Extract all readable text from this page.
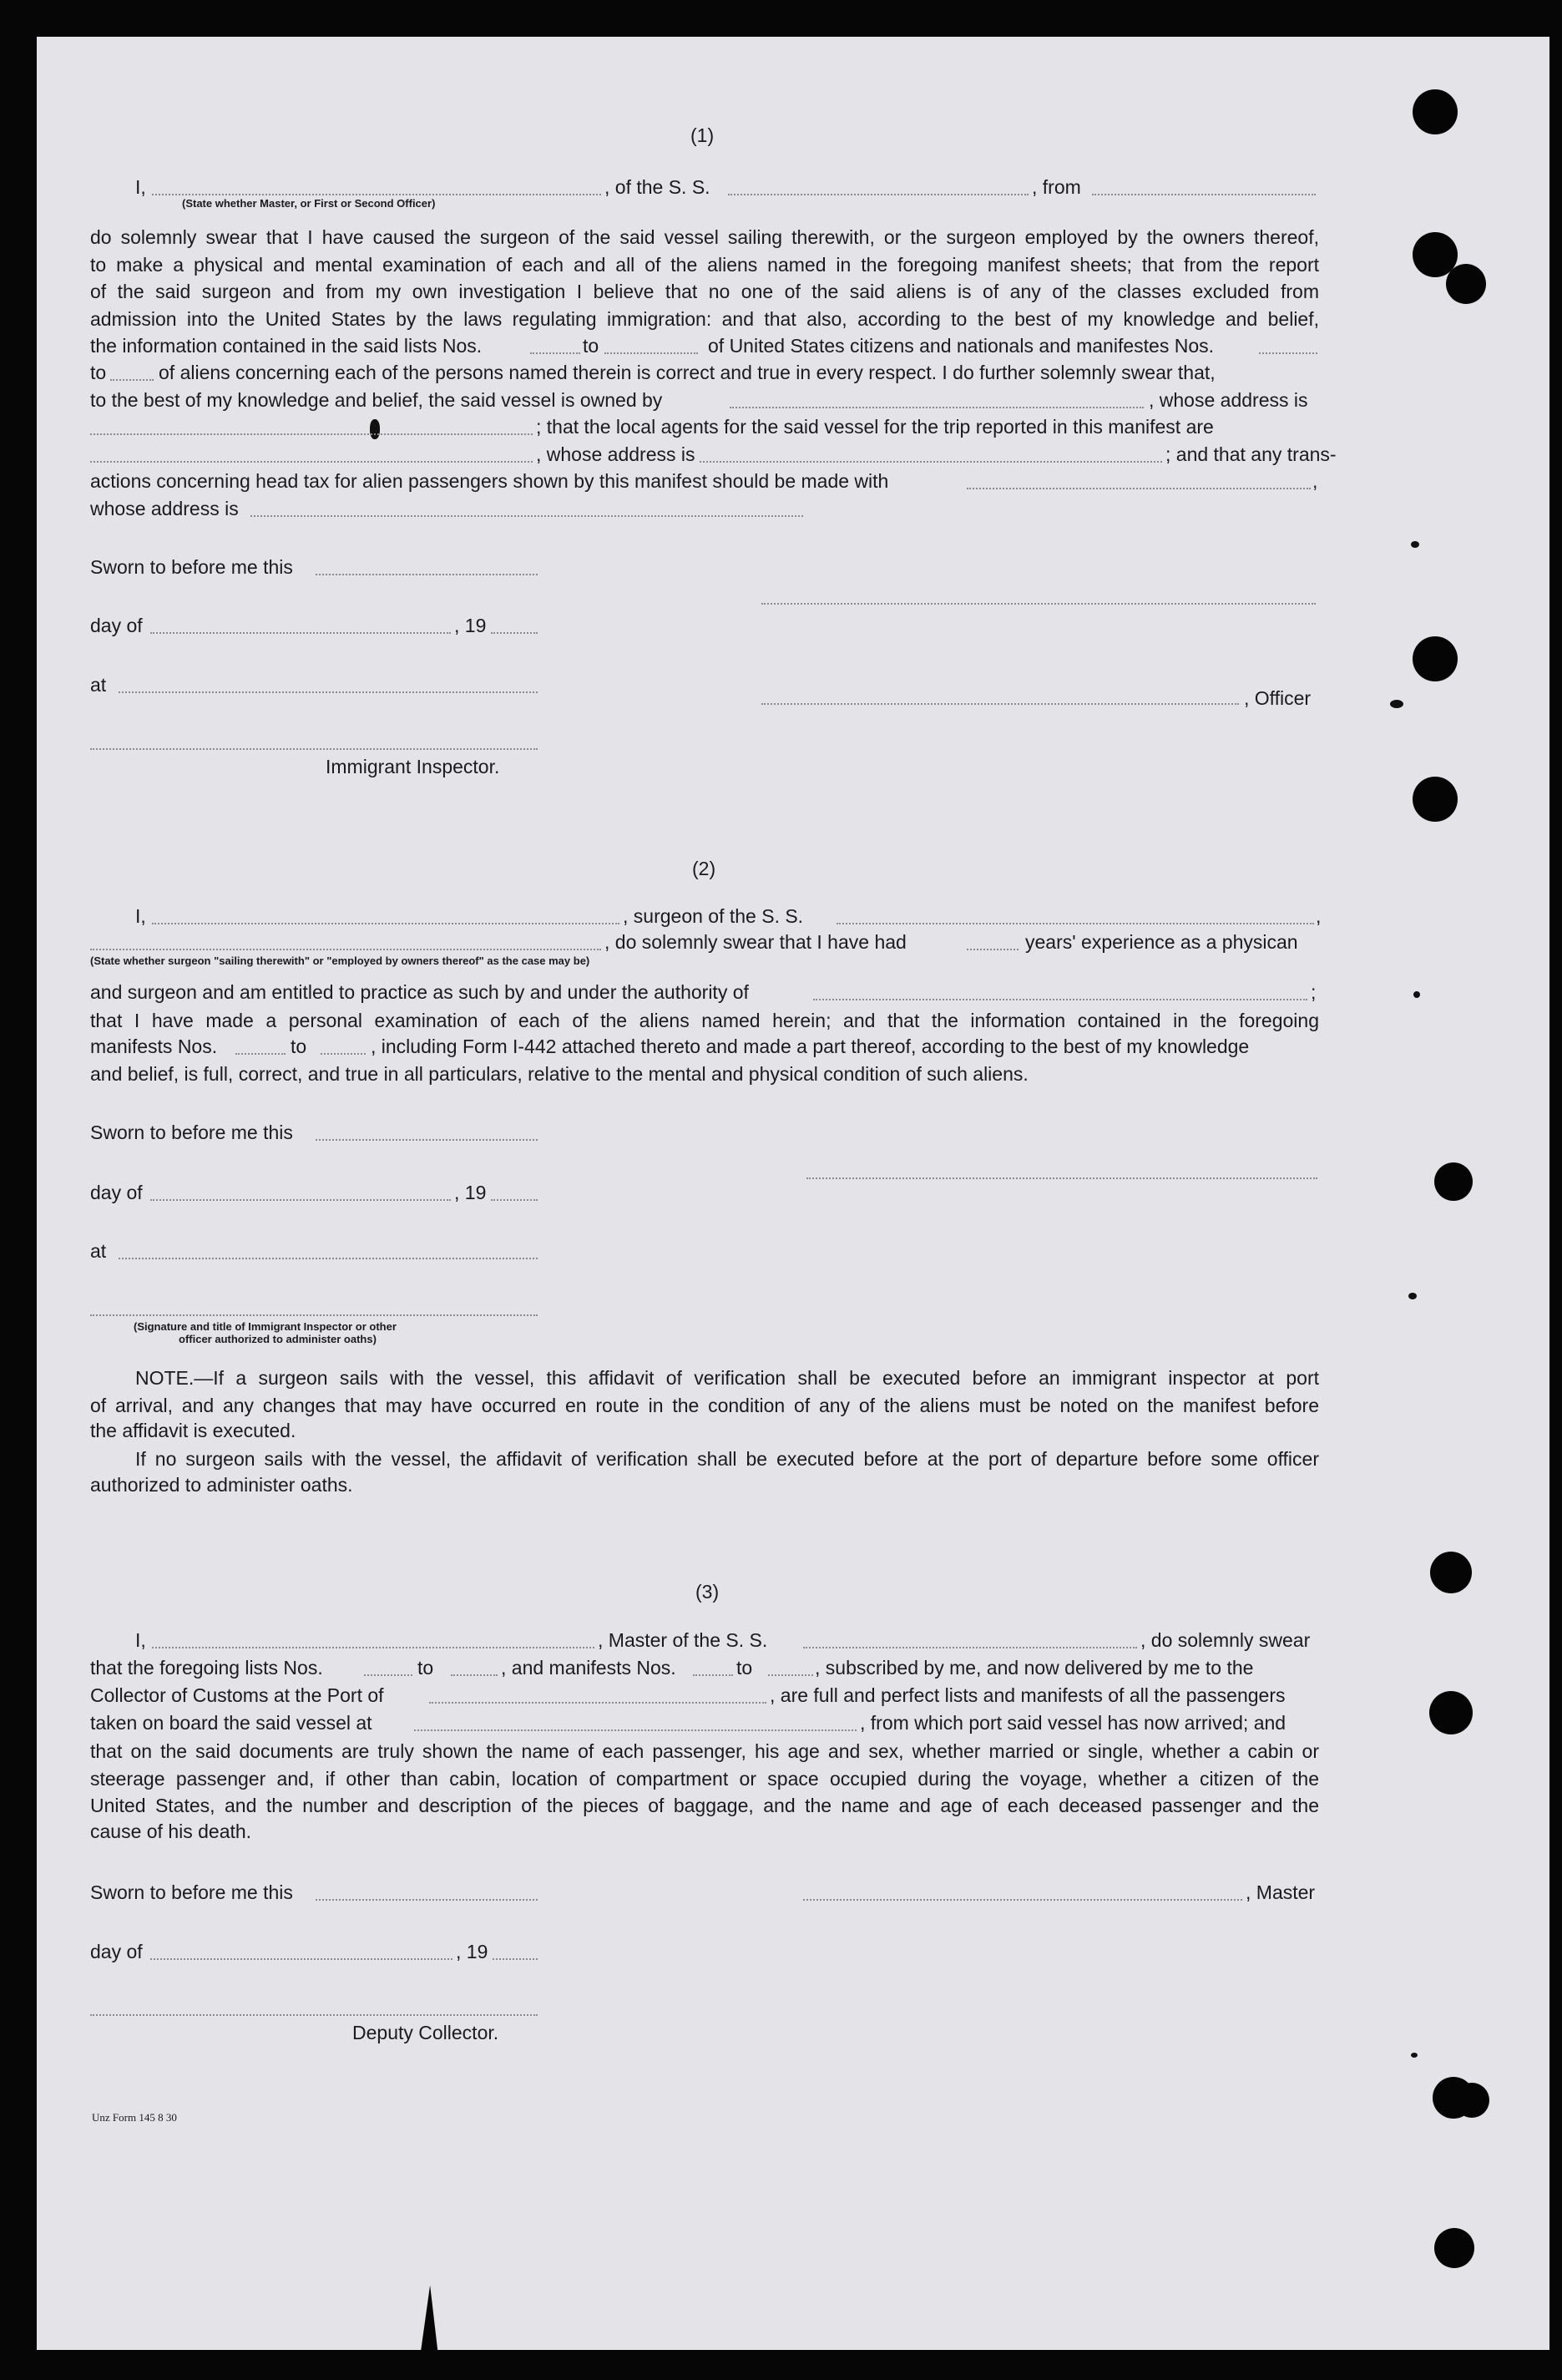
(1)
I,	, of the S. S.	, from
(State whether Master, or First or Second Officer)
do solemnly swear that I have caused the surgeon of the said vessel sailing therewith, or the surgeon employed by the owners thereof,
to make a physical and mental examination of each and all of the aliens named in the foregoing manifest sheets; that from the report
of the said surgeon and from my own investigation I believe that no one of the said aliens is of any of the classes excluded from
admission into the United States by the laws regulating immigration: and that also, according to the best of my knowledge and belief,
the information contained in the said lists Nos.	to	of United States citizens and nationals and manifestes Nos.
to	of aliens concerning each of the persons named therein is correct and true in every respect. I do further solemnly swear that,
to the best of my knowledge and belief, the said vessel is owned by	, whose address is
; that the local agents for the said vessel for the trip reported in this manifest are
, whose address is	; and that any trans-
actions concerning head tax for alien passengers shown by this manifest should be made with	,
whose address is
Sworn to before me this
day of	, 19
at
, Officer
Immigrant Inspector.
(2)
I,	, surgeon of the S. S.	,
, do solemnly swear that I have had	years' experience as a physican
(State whether surgeon "sailing therewith" or "employed by owners thereof" as the case may be)
and surgeon and am entitled to practice as such by and under the authority of	;
that I have made a personal examination of each of the aliens named herein; and that the information contained in the foregoing
manifests Nos.	to	, including Form I-442 attached thereto and made a part thereof, according to the best of my knowledge
and belief, is full, correct, and true in all particulars, relative to the mental and physical condition of such aliens.
Sworn to before me this
day of	, 19
at
(Signature and title of Immigrant Inspector or other
officer authorized to administer oaths)
NOTE.—If a surgeon sails with the vessel, this affidavit of verification shall be executed before an immigrant inspector at port
of arrival, and any changes that may have occurred en route in the condition of any of the aliens must be noted on the manifest before
the affidavit is executed.
If no surgeon sails with the vessel, the affidavit of verification shall be executed before at the port of departure before some officer
authorized to administer oaths.
(3)
I,	, Master of the S. S.	, do solemnly swear
that the foregoing lists Nos.	to	, and manifests Nos.	to	, subscribed by me, and now delivered by me to the
Collector of Customs at the Port of	, are full and perfect lists and manifests of all the passengers
taken on board the said vessel at	, from which port said vessel has now arrived; and
that on the said documents are truly shown the name of each passenger, his age and sex, whether married or single, whether a cabin or
steerage passenger and, if other than cabin, location of compartment or space occupied during the voyage, whether a citizen of the
United States, and the number and description of the pieces of baggage, and the name and age of each deceased passenger and the
cause of his death.
Sworn to before me this	, Master
day of	, 19
Deputy Collector.
Unz Form 145 8 30
